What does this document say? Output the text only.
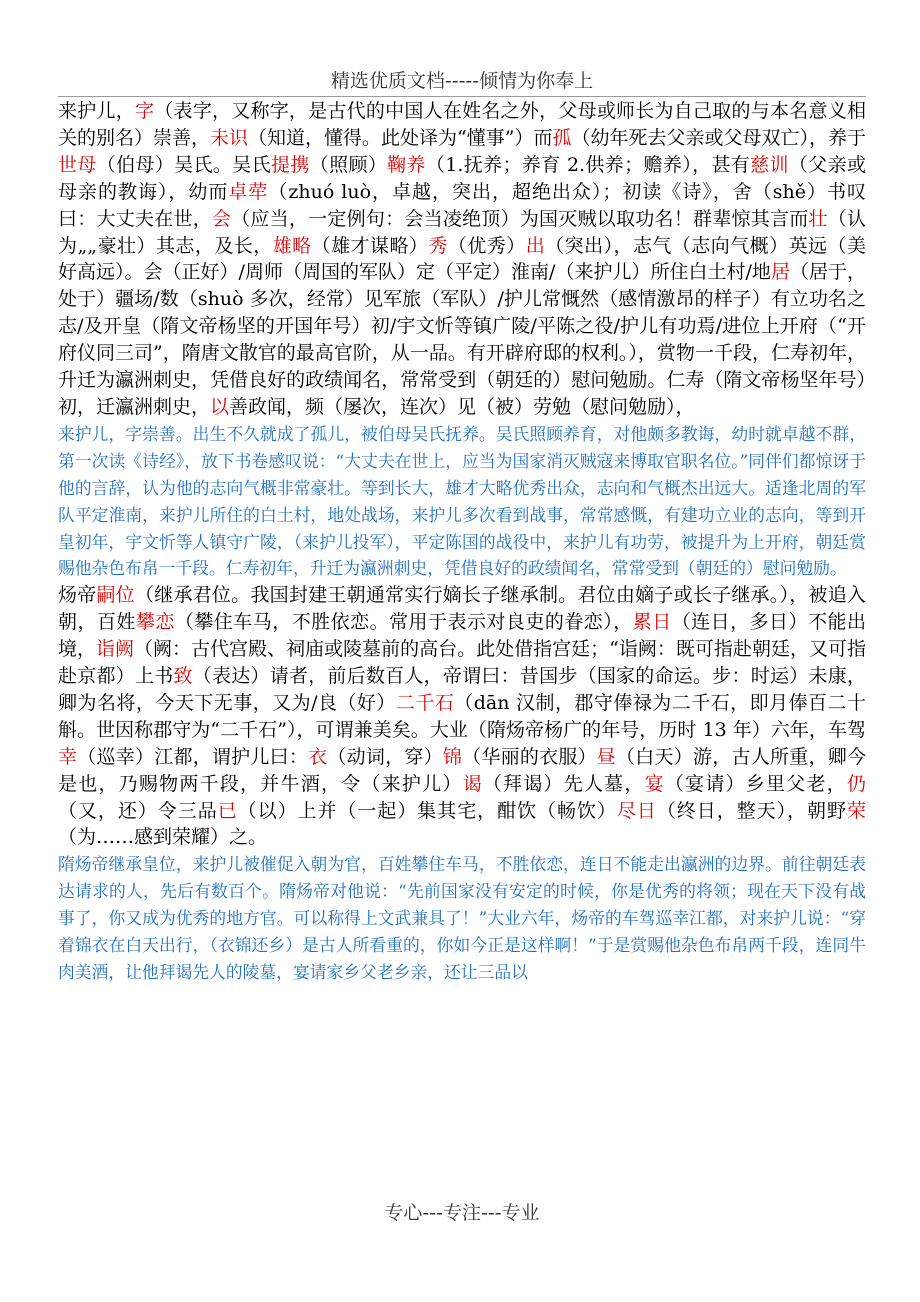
精选优质文档-----倾情为你奉上

来护儿，字（表字，又称字，是古代的中国人在姓名之外，父母或师长为自己取的与本名意义相关的别名）崇善，未识（知道，懂得。此处译为“懂事”）而孤（幼年死去父亲或父母双亡），养于世母（伯母）吴氏。吴氏提携（照顾）鞠养（1.抚养；养育 2.供养；赡养），甚有慈训（父亲或母亲的教诲），幼而卓荦（zhuó luò，卓越，突出，超绝出众）；初读《诗》，舍（shě）书叹曰：大丈夫在世，会（应当，一定例句：会当凌绝顶）为国灭贼以取功名！群辈惊其言而壮（认为„„豪壮）其志，及长，雄略（雄才谋略）秀（优秀）出（突出），志气（志向气概）英远（美好高远）。会（正好）/周师（周国的军队）定（平定）淮南/（来护儿）所住白土村/地居（居于，处于）疆场/数（shuò 多次，经常）见军旅（军队）/护儿常慨然（感情激昂的样子）有立功名之志/及开皇（隋文帝杨坚的开国年号）初/宇文忻等镇广陵/平陈之役/护儿有功焉/进位上开府（“开府仪同三司”，隋唐文散官的最高官阶，从一品。有开辟府邸的权利。），赏物一千段，仁寿初年，升迁为瀛洲刺史，凭借良好的政绩闻名，常常受到（朝廷的）慰问勉励。仁寿（隋文帝杨坚年号）初，迁瀛洲刺史，以善政闻，频（屡次，连次）见（被）劳勉（慰问勉励），

来护儿，字崇善。出生不久就成了孤儿，被伯母吴氏抚养。吴氏照顾养育，对他颇多教诲，幼时就卓越不群，第一次读《诗经》，放下书卷感叹说：“大丈夫在世上，应当为国家消灭贼寇来博取官职名位。”同伴们都惊讶于他的言辞，认为他的志向气概非常豪壮。等到长大，雄才大略优秀出众，志向和气概杰出远大。适逢北周的军队平定淮南，来护儿所住的白土村，地处战场，来护儿多次看到战事，常常感慨，有建功立业的志向，等到开皇初年，宇文忻等人镇守广陵，（来护儿投军），平定陈国的战役中，来护儿有功劳，被提升为上开府，朝廷赏赐他杂色布帛一千段。仁寿初年，升迁为瀛洲刺史，凭借良好的政绩闻名，常常受到（朝廷的）慰问勉励。

炀帝嗣位（继承君位。我国封建王朝通常实行嫡长子继承制。君位由嫡子或长子继承。），被追入朝，百姓攀恋（攀住车马，不胜依恋。常用于表示对良吏的眷恋），累日（连日，多日）不能出境，诣阙（阙：古代宫殿、祠庙或陵墓前的高台。此处借指宫廷；“诣阙：既可指赴朝廷，又可指赴京都）上书致（表达）请者，前后数百人，帝谓曰：昔国步（国家的命运。步：时运）未康，卿为名将，今天下无事，又为/良（好）二千石（dān 汉制，郡守俸禄为二千石，即月俸百二十斛。世因称郡守为“二千石”），可谓兼美矣。大业（隋炀帝杨广的年号，历时 13 年）六年，车驾幸（巡幸）江都，谓护儿曰：衣（动词，穿）锦（华丽的衣服）昼（白天）游，古人所重，卿今是也，乃赐物两千段，并牛酒，令（来护儿）谒（拜谒）先人墓，宴（宴请）乡里父老，仍（又，还）令三品已（以）上并（一起）集其宅，酣饮（畅饮）尽日（终日，整天），朝野荣（为……感到荣耀）之。

隋炀帝继承皇位，来护儿被催促入朝为官，百姓攀住车马，不胜依恋，连日不能走出瀛洲的边界。前往朝廷表达请求的人，先后有数百个。隋炀帝对他说：“先前国家没有安定的时候，你是优秀的将领；现在天下没有战事了，你又成为优秀的地方官。可以称得上文武兼具了！”大业六年，炀帝的车驾巡幸江都，对来护儿说：“穿着锦衣在白天出行，（衣锦还乡）是古人所看重的，你如今正是这样啊！”于是赏赐他杂色布帛两千段，连同牛肉美酒，让他拜谒先人的陵墓，宴请家乡父老乡亲，还让三品以

专心---专注---专业
